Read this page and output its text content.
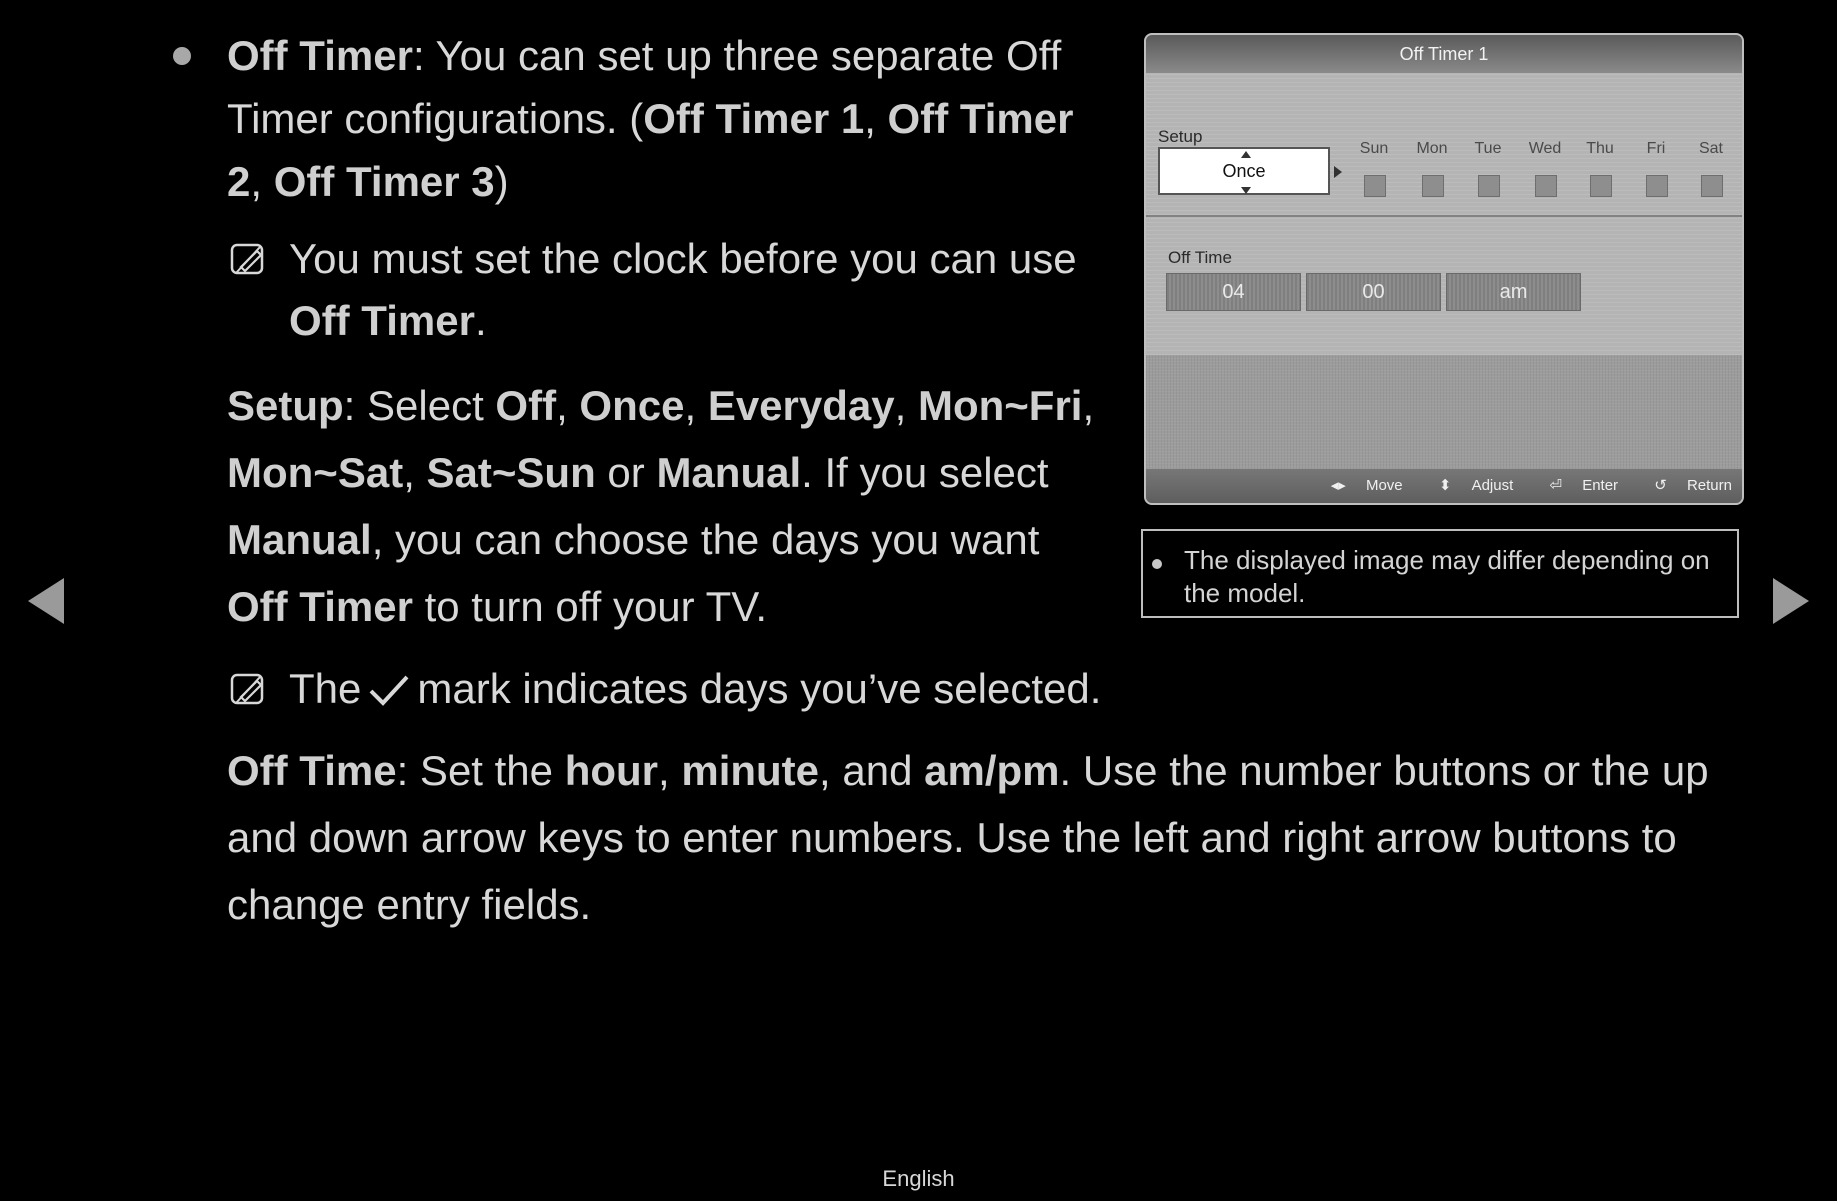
Off Timer: You can set up three separate Off Timer configurations. (Off Timer 1, Off Timer 2, Off Timer 3)
You must set the clock before you can use Off Timer.
Setup: Select Off, Once, Everyday, Mon~Fri, Mon~Sat, Sat~Sun or Manual. If you select Manual, you can choose the days you want Off Timer to turn off your TV.
The mark indicates days you’ve selected.
Off Time: Set the hour, minute, and am/pm. Use the number buttons or the up and down arrow keys to enter numbers. Use the left and right arrow buttons to change entry fields.
Off Timer 1
Setup
Once
Sun	Mon	Tue	Wed	Thu	Fri	Sat
Off Time
04	00	am
◂▸ Move ⬍ Adjust ⏎ Enter ↺ Return
The displayed image may differ depending on the model.
English
